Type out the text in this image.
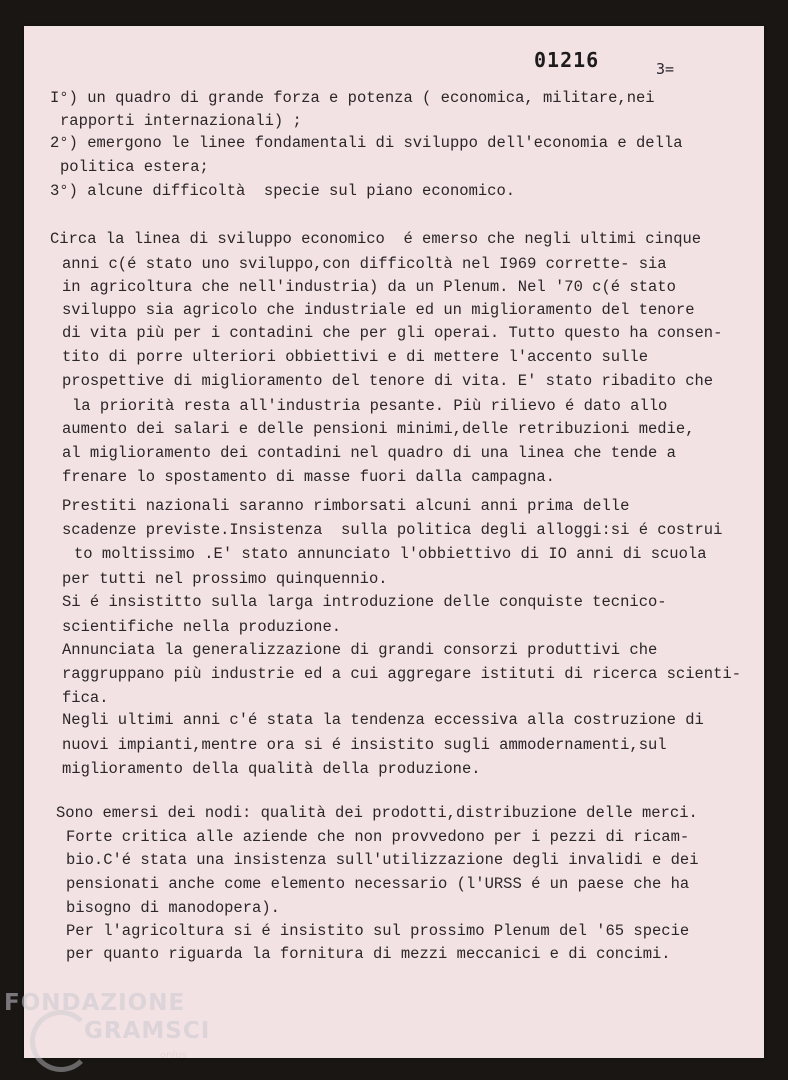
01216	3=
I°) un quadro di grande forza e potenza ( economica, militare,nei
rapporti internazionali) ;
2°) emergono le linee fondamentali di sviluppo dell'economia e della
politica estera;
3°) alcune difficoltà  specie sul piano economico.
Circa la linea di sviluppo economico  é emerso che negli ultimi cinque
anni c(é stato uno sviluppo,con difficoltà nel I969 corrette- sia
in agricoltura che nell'industria) da un Plenum. Nel '70 c(é stato
sviluppo sia agricolo che industriale ed un miglioramento del tenore
di vita più per i contadini che per gli operai. Tutto questo ha consen-
tito di porre ulteriori obbiettivi e di mettere l'accento sulle
prospettive di miglioramento del tenore di vita. E' stato ribadito che
la priorità resta all'industria pesante. Più rilievo é dato allo
aumento dei salari e delle pensioni minimi,delle retribuzioni medie,
al miglioramento dei contadini nel quadro di una linea che tende a
frenare lo spostamento di masse fuori dalla campagna.
Prestiti nazionali saranno rimborsati alcuni anni prima delle
scadenze previste.Insistenza  sulla politica degli alloggi:si é costrui
to moltissimo .E' stato annunciato l'obbiettivo di IO anni di scuola
per tutti nel prossimo quinquennio.
Si é insistitto sulla larga introduzione delle conquiste tecnico-
scientifiche nella produzione.
Annunciata la generalizzazione di grandi consorzi produttivi che
raggruppano più industrie ed a cui aggregare istituti di ricerca scienti-
fica.
Negli ultimi anni c'é stata la tendenza eccessiva alla costruzione di
nuovi impianti,mentre ora si é insistito sugli ammodernamenti,sul
miglioramento della qualità della produzione.
Sono emersi dei nodi: qualità dei prodotti,distribuzione delle merci.
Forte critica alle aziende che non provvedono per i pezzi di ricam-
bio.C'é stata una insistenza sull'utilizzazione degli invalidi e dei
pensionati anche come elemento necessario (l'URSS é un paese che ha
bisogno di manodopera).
Per l'agricoltura si é insistito sul prossimo Plenum del '65 specie
per quanto riguarda la fornitura di mezzi meccanici e di concimi.
FONDAZIONE
GRAMSCI
onlus
